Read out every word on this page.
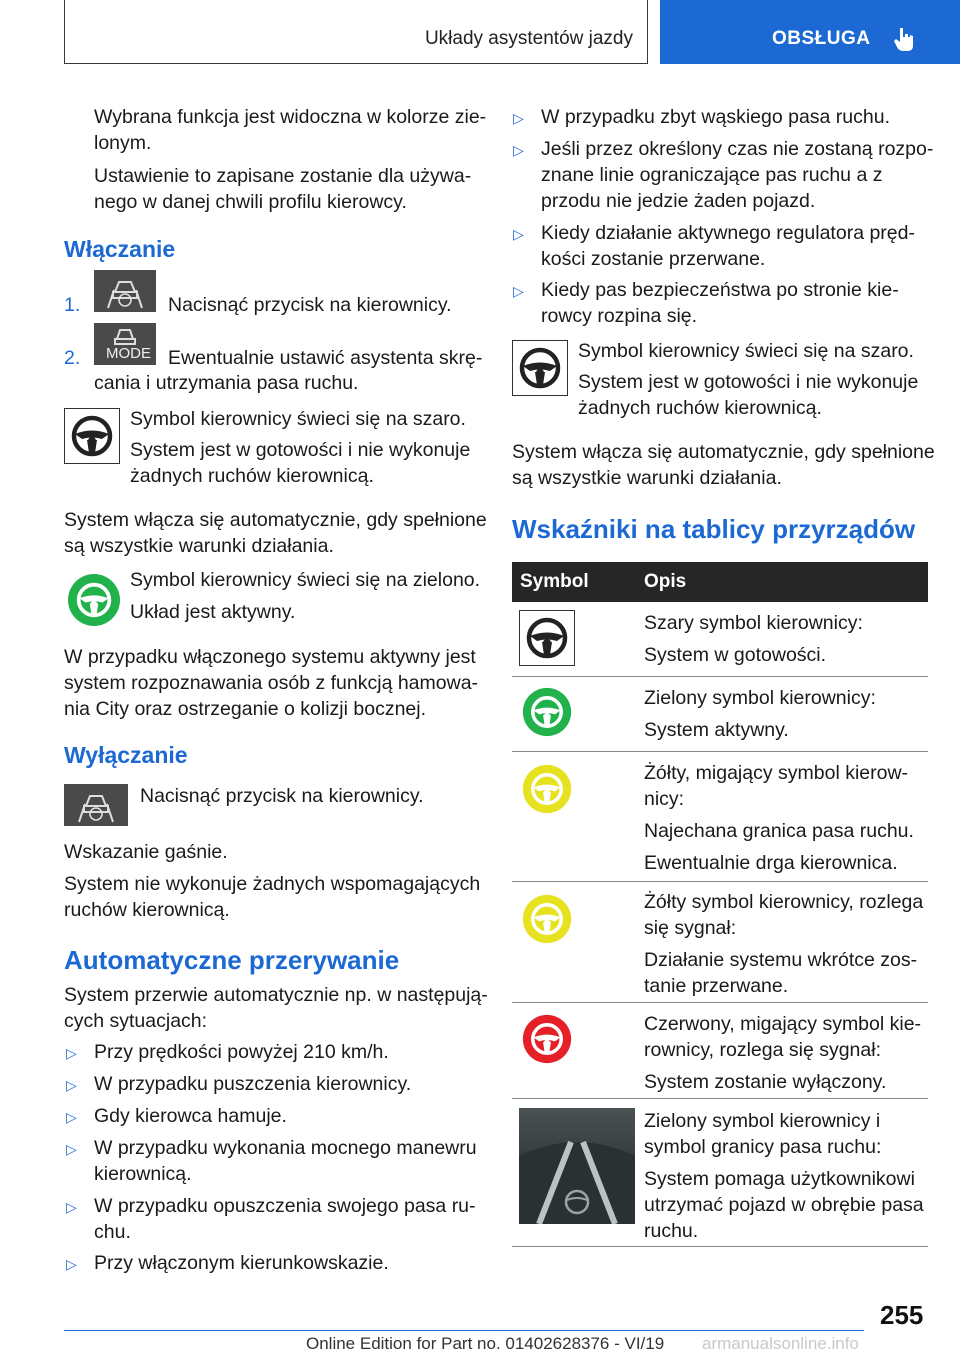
Układy asystentów jazdy	OBSŁUGA
Wybrana funkcja jest widoczna w kolorze zie-
lonym.
Ustawienie to zapisane zostanie dla używa-
nego w danej chwili profilu kierowcy.
Włączanie
1.	Nacisnąć przycisk na kierownicy.
2. MODE Ewentualnie ustawić asystenta skrę-
cania i utrzymania pasa ruchu.
Symbol kierownicy świeci się na szaro.
System jest w gotowości i nie wykonuje
żadnych ruchów kierownicą.
System włącza się automatycznie, gdy spełnione
są wszystkie warunki działania.
Symbol kierownicy świeci się na zielono.
Układ jest aktywny.
W przypadku włączonego systemu aktywny jest
system rozpoznawania osób z funkcją hamowa-
nia City oraz ostrzeganie o kolizji bocznej.
Wyłączanie
Nacisnąć przycisk na kierownicy.
Wskazanie gaśnie.
System nie wykonuje żadnych wspomagających
ruchów kierownicą.
Automatyczne przerywanie
System przerwie automatycznie np. w następują-
cych sytuacjach:
▷ Przy prędkości powyżej 210 km/h.
▷ W przypadku puszczenia kierownicy.
▷ Gdy kierowca hamuje.
▷ W przypadku wykonania mocnego manewru
kierownicą.
▷ W przypadku opuszczenia swojego pasa ru-
chu.
▷ Przy włączonym kierunkowskazie.
▷ W przypadku zbyt wąskiego pasa ruchu.
▷ Jeśli przez określony czas nie zostaną rozpo-
znane linie ograniczające pas ruchu a z
przodu nie jedzie żaden pojazd.
▷ Kiedy działanie aktywnego regulatora pręd-
kości zostanie przerwane.
▷ Kiedy pas bezpieczeństwa po stronie kie-
rowcy rozpina się.
Symbol kierownicy świeci się na szaro.
System jest w gotowości i nie wykonuje
żadnych ruchów kierownicą.
System włącza się automatycznie, gdy spełnione
są wszystkie warunki działania.
Wskaźniki na tablicy przyrządów
Symbol	Opis
Szary symbol kierownicy:
System w gotowości.
Zielony symbol kierownicy:
System aktywny.
Żółty, migający symbol kierow-
nicy:
Najechana granica pasa ruchu.
Ewentualnie drga kierownica.
Żółty symbol kierownicy, rozlega
się sygnał:
Działanie systemu wkrótce zos-
tanie przerwane.
Czerwony, migający symbol kie-
rownicy, rozlega się sygnał:
System zostanie wyłączony.
Zielony symbol kierownicy i
symbol granicy pasa ruchu:
System pomaga użytkownikowi
utrzymać pojazd w obrębie pasa
ruchu.
255
Online Edition for Part no. 01402628376 - VI/19 armanualsonline.info
